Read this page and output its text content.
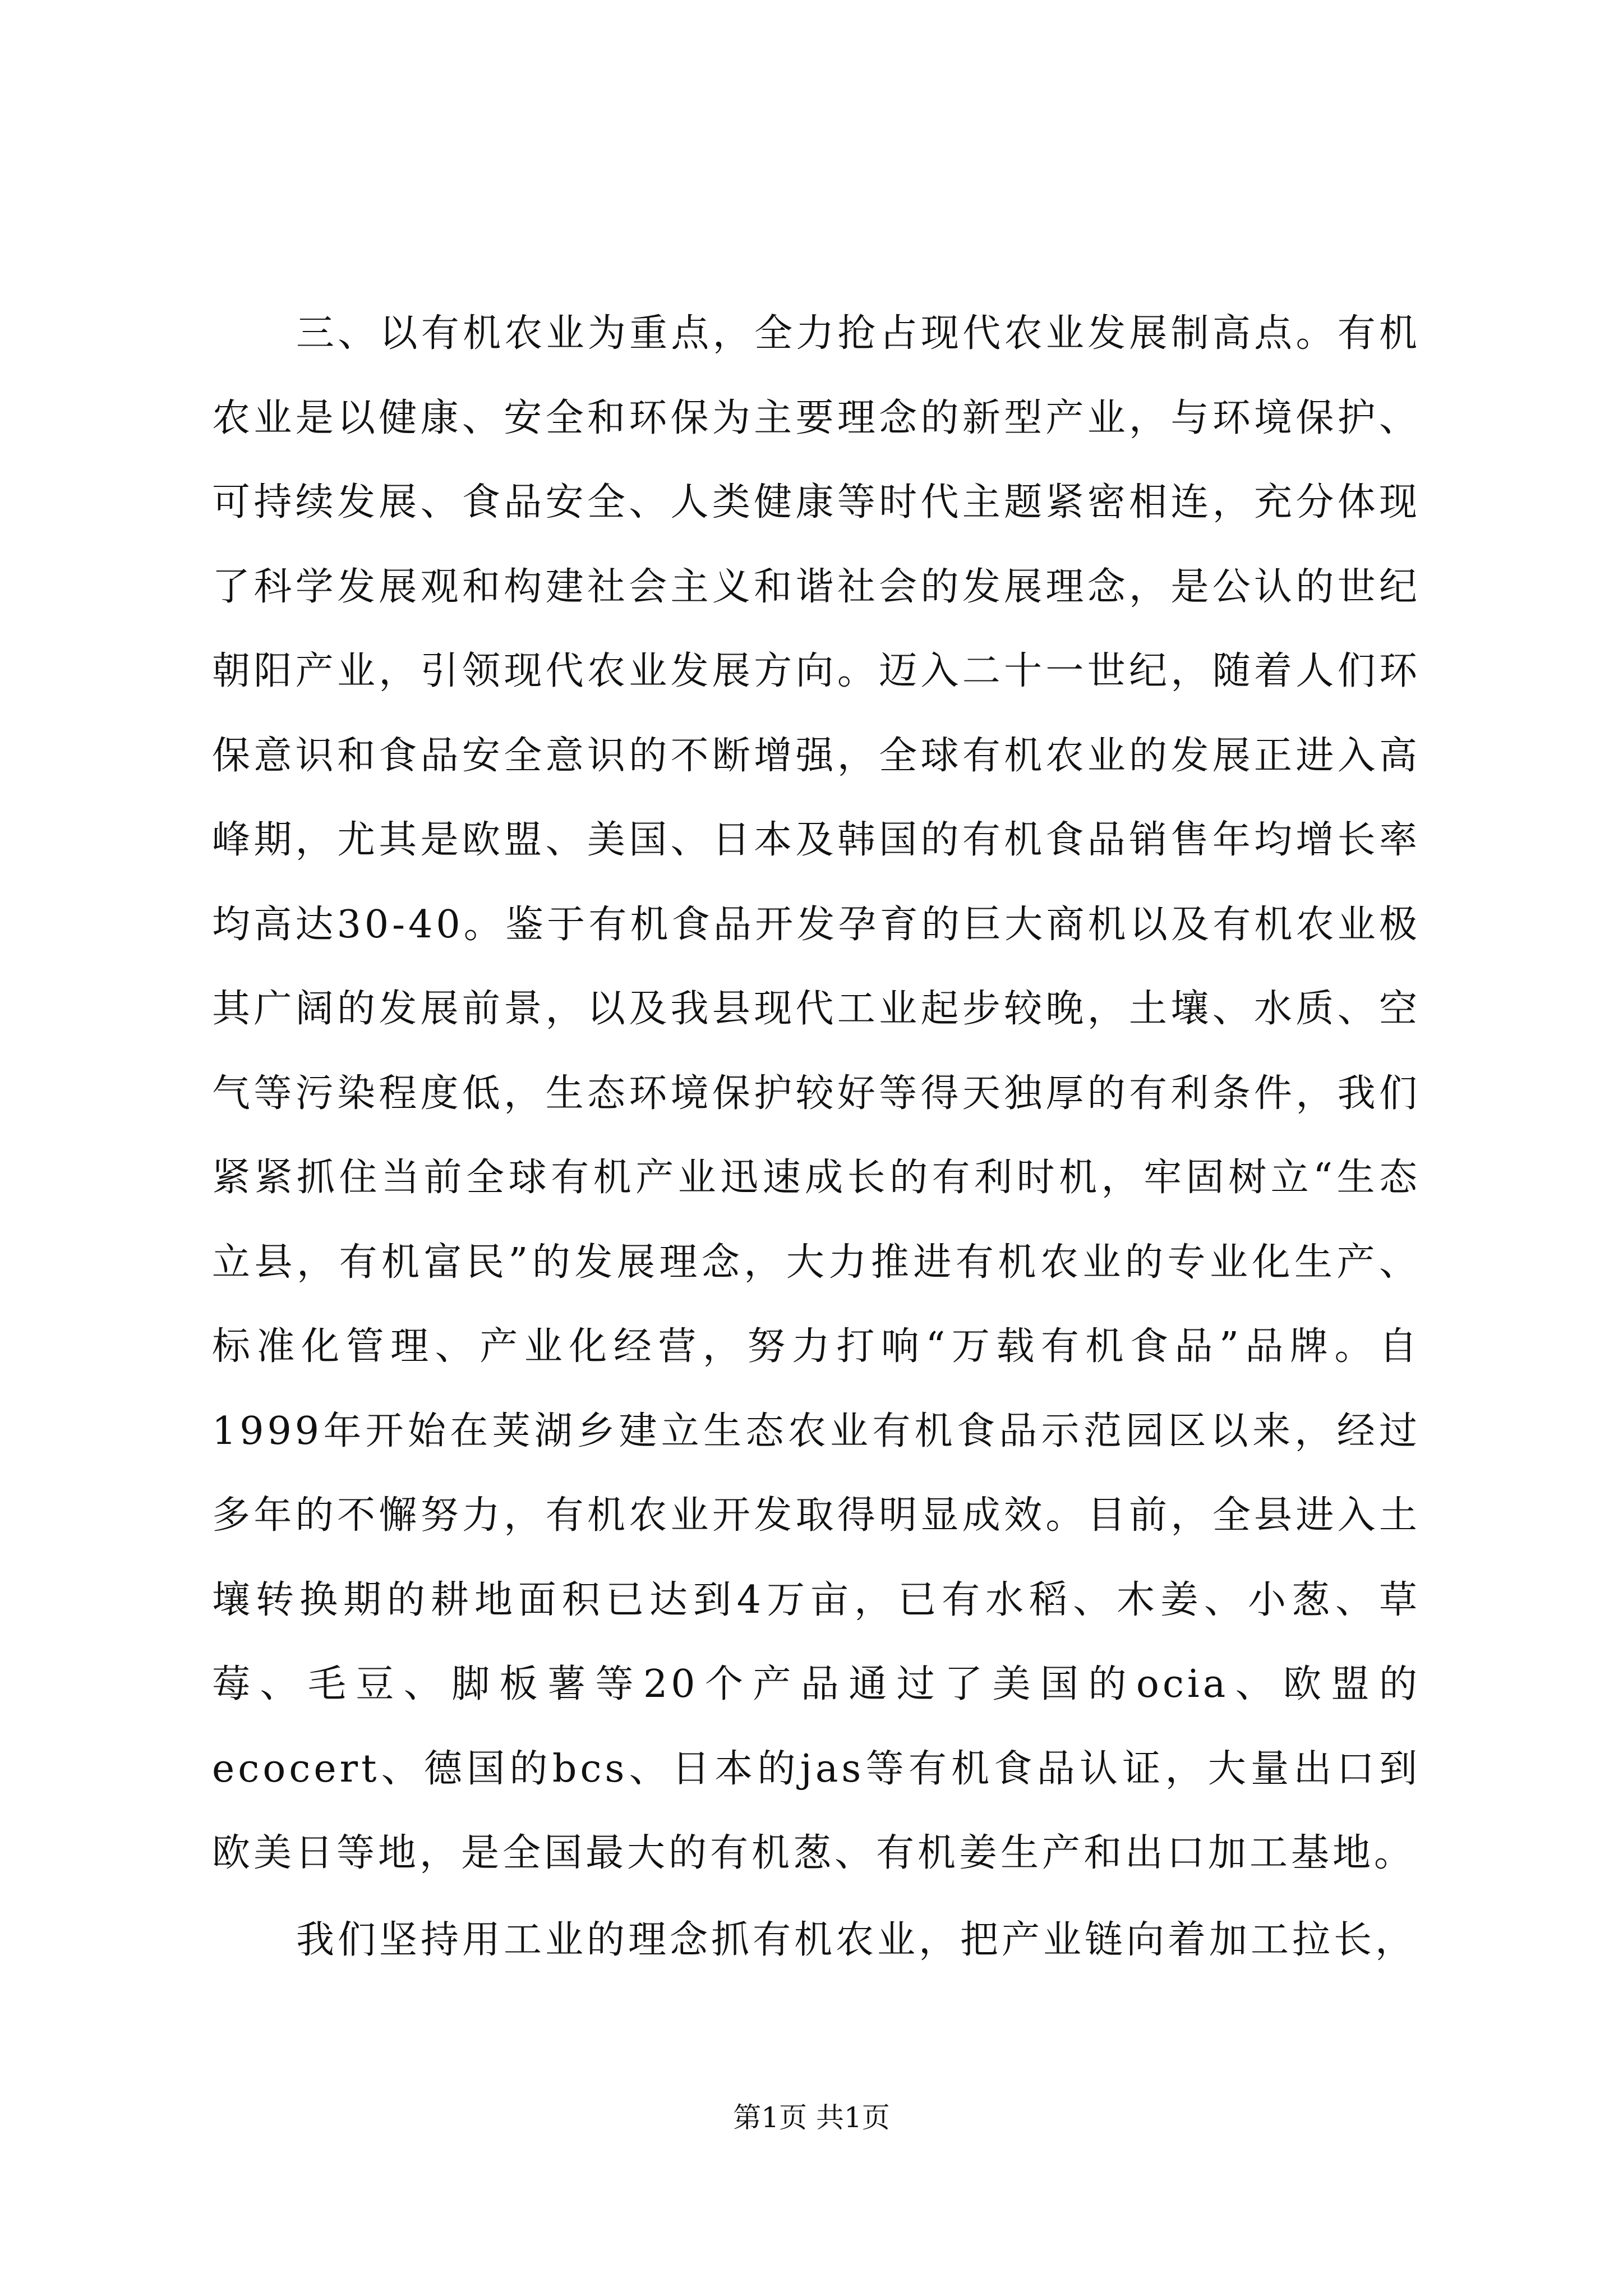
三、以有机农业为重点，全力抢占现代农业发展制高点。有机农业是以健康、安全和环保为主要理念的新型产业，与环境保护、可持续发展、食品安全、人类健康等时代主题紧密相连，充分体现了科学发展观和构建社会主义和谐社会的发展理念，是公认的世纪朝阳产业，引领现代农业发展方向。迈入二十一世纪，随着人们环保意识和食品安全意识的不断增强，全球有机农业的发展正进入高峰期，尤其是欧盟、美国、日本及韩国的有机食品销售年均增长率均高达30-40。鉴于有机食品开发孕育的巨大商机以及有机农业极其广阔的发展前景，以及我县现代工业起步较晚，土壤、水质、空气等污染程度低，生态环境保护较好等得天独厚的有利条件，我们紧紧抓住当前全球有机产业迅速成长的有利时机，牢固树立“生态立县，有机富民”的发展理念，大力推进有机农业的专业化生产、标准化管理、产业化经营，努力打响“万载有机食品”品牌。自1999年开始在荚湖乡建立生态农业有机食品示范园区以来，经过多年的不懈努力，有机农业开发取得明显成效。目前，全县进入土壤转换期的耕地面积已达到4万亩，已有水稻、木姜、小葱、草莓、毛豆、脚板薯等20个产品通过了美国的ocia、欧盟的ecocert、德国的bcs、日本的jas等有机食品认证，大量出口到欧美日等地，是全国最大的有机葱、有机姜生产和出口加工基地。

我们坚持用工业的理念抓有机农业，把产业链向着加工拉长，

第1页 共1页
